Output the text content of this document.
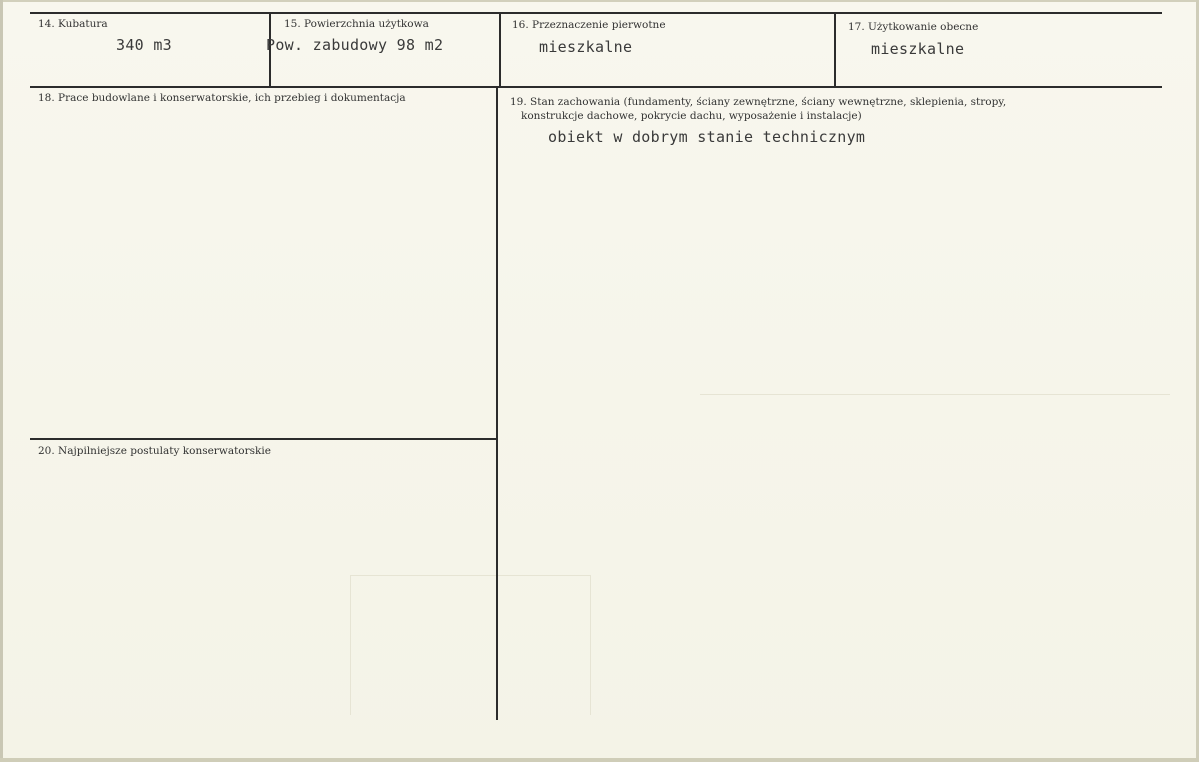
14. Kubatura
340 m3
15. Powierzchnia użytkowa
Pow. zabudowy 98 m2
16. Przeznaczenie pierwotne
mieszkalne
17. Użytkowanie obecne
mieszkalne
18. Prace budowlane i konserwatorskie, ich przebieg i dokumentacja	19. Stan zachowania (fundamenty, ściany zewnętrzne, ściany wewnętrzne, sklepienia, stropy,
konstrukcje dachowe, pokrycie dachu, wyposażenie i instalacje)
obiekt w dobrym stanie technicznym
20. Najpilniejsze postulaty konserwatorskie
